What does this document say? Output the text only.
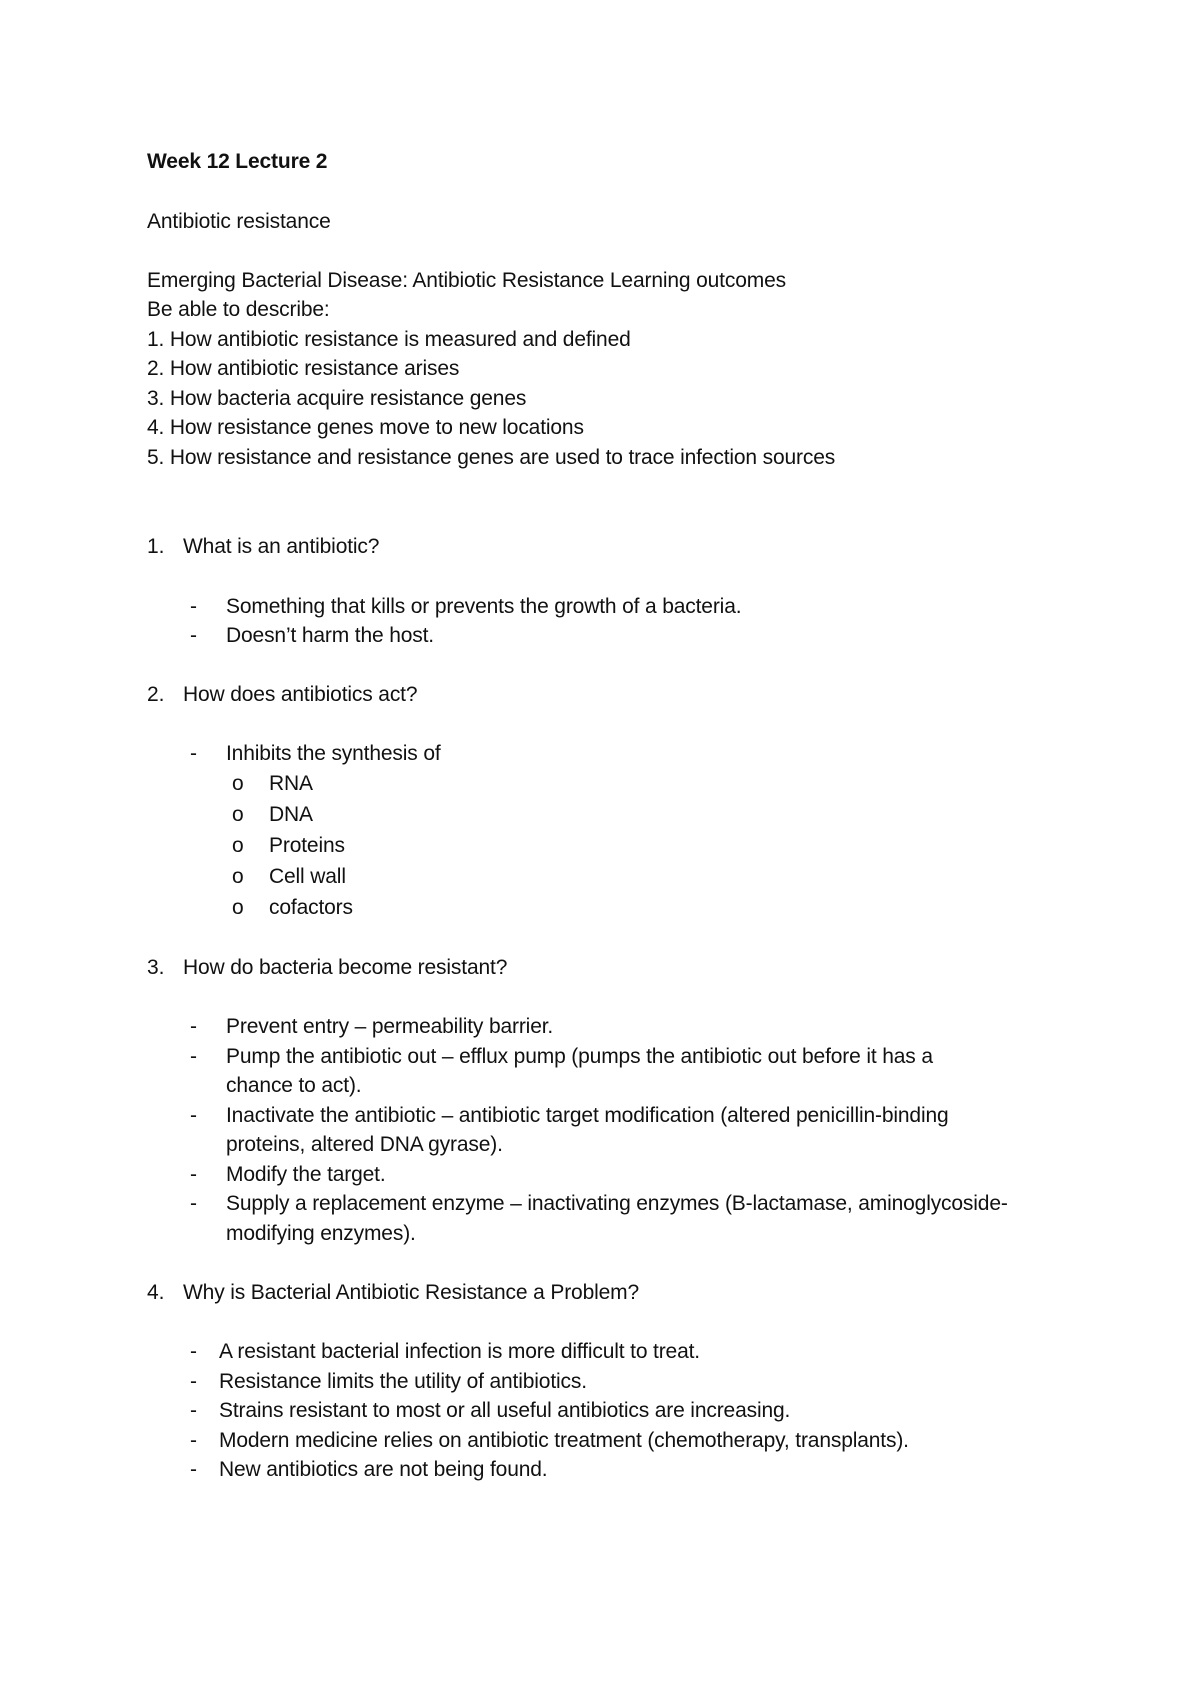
Week 12 Lecture 2
Antibiotic resistance
Emerging Bacterial Disease: Antibiotic Resistance Learning outcomes
Be able to describe:
1. How antibiotic resistance is measured and defined
2. How antibiotic resistance arises
3. How bacteria acquire resistance genes
4. How resistance genes move to new locations
5. How resistance and resistance genes are used to trace infection sources
1. What is an antibiotic?
- Something that kills or prevents the growth of a bacteria.
- Doesn’t harm the host.
2. How does antibiotics act?
- Inhibits the synthesis of
o RNA
o DNA
o Proteins
o Cell wall
o cofactors
3. How do bacteria become resistant?
- Prevent entry – permeability barrier.
- Pump the antibiotic out – efflux pump (pumps the antibiotic out before it has a
chance to act).
- Inactivate the antibiotic – antibiotic target modification (altered penicillin-binding
proteins, altered DNA gyrase).
- Modify the target.
- Supply a replacement enzyme – inactivating enzymes (B-lactamase, aminoglycoside-
modifying enzymes).
4. Why is Bacterial Antibiotic Resistance a Problem?
- A resistant bacterial infection is more difficult to treat.
- Resistance limits the utility of antibiotics.
- Strains resistant to most or all useful antibiotics are increasing.
- Modern medicine relies on antibiotic treatment (chemotherapy, transplants).
- New antibiotics are not being found.
